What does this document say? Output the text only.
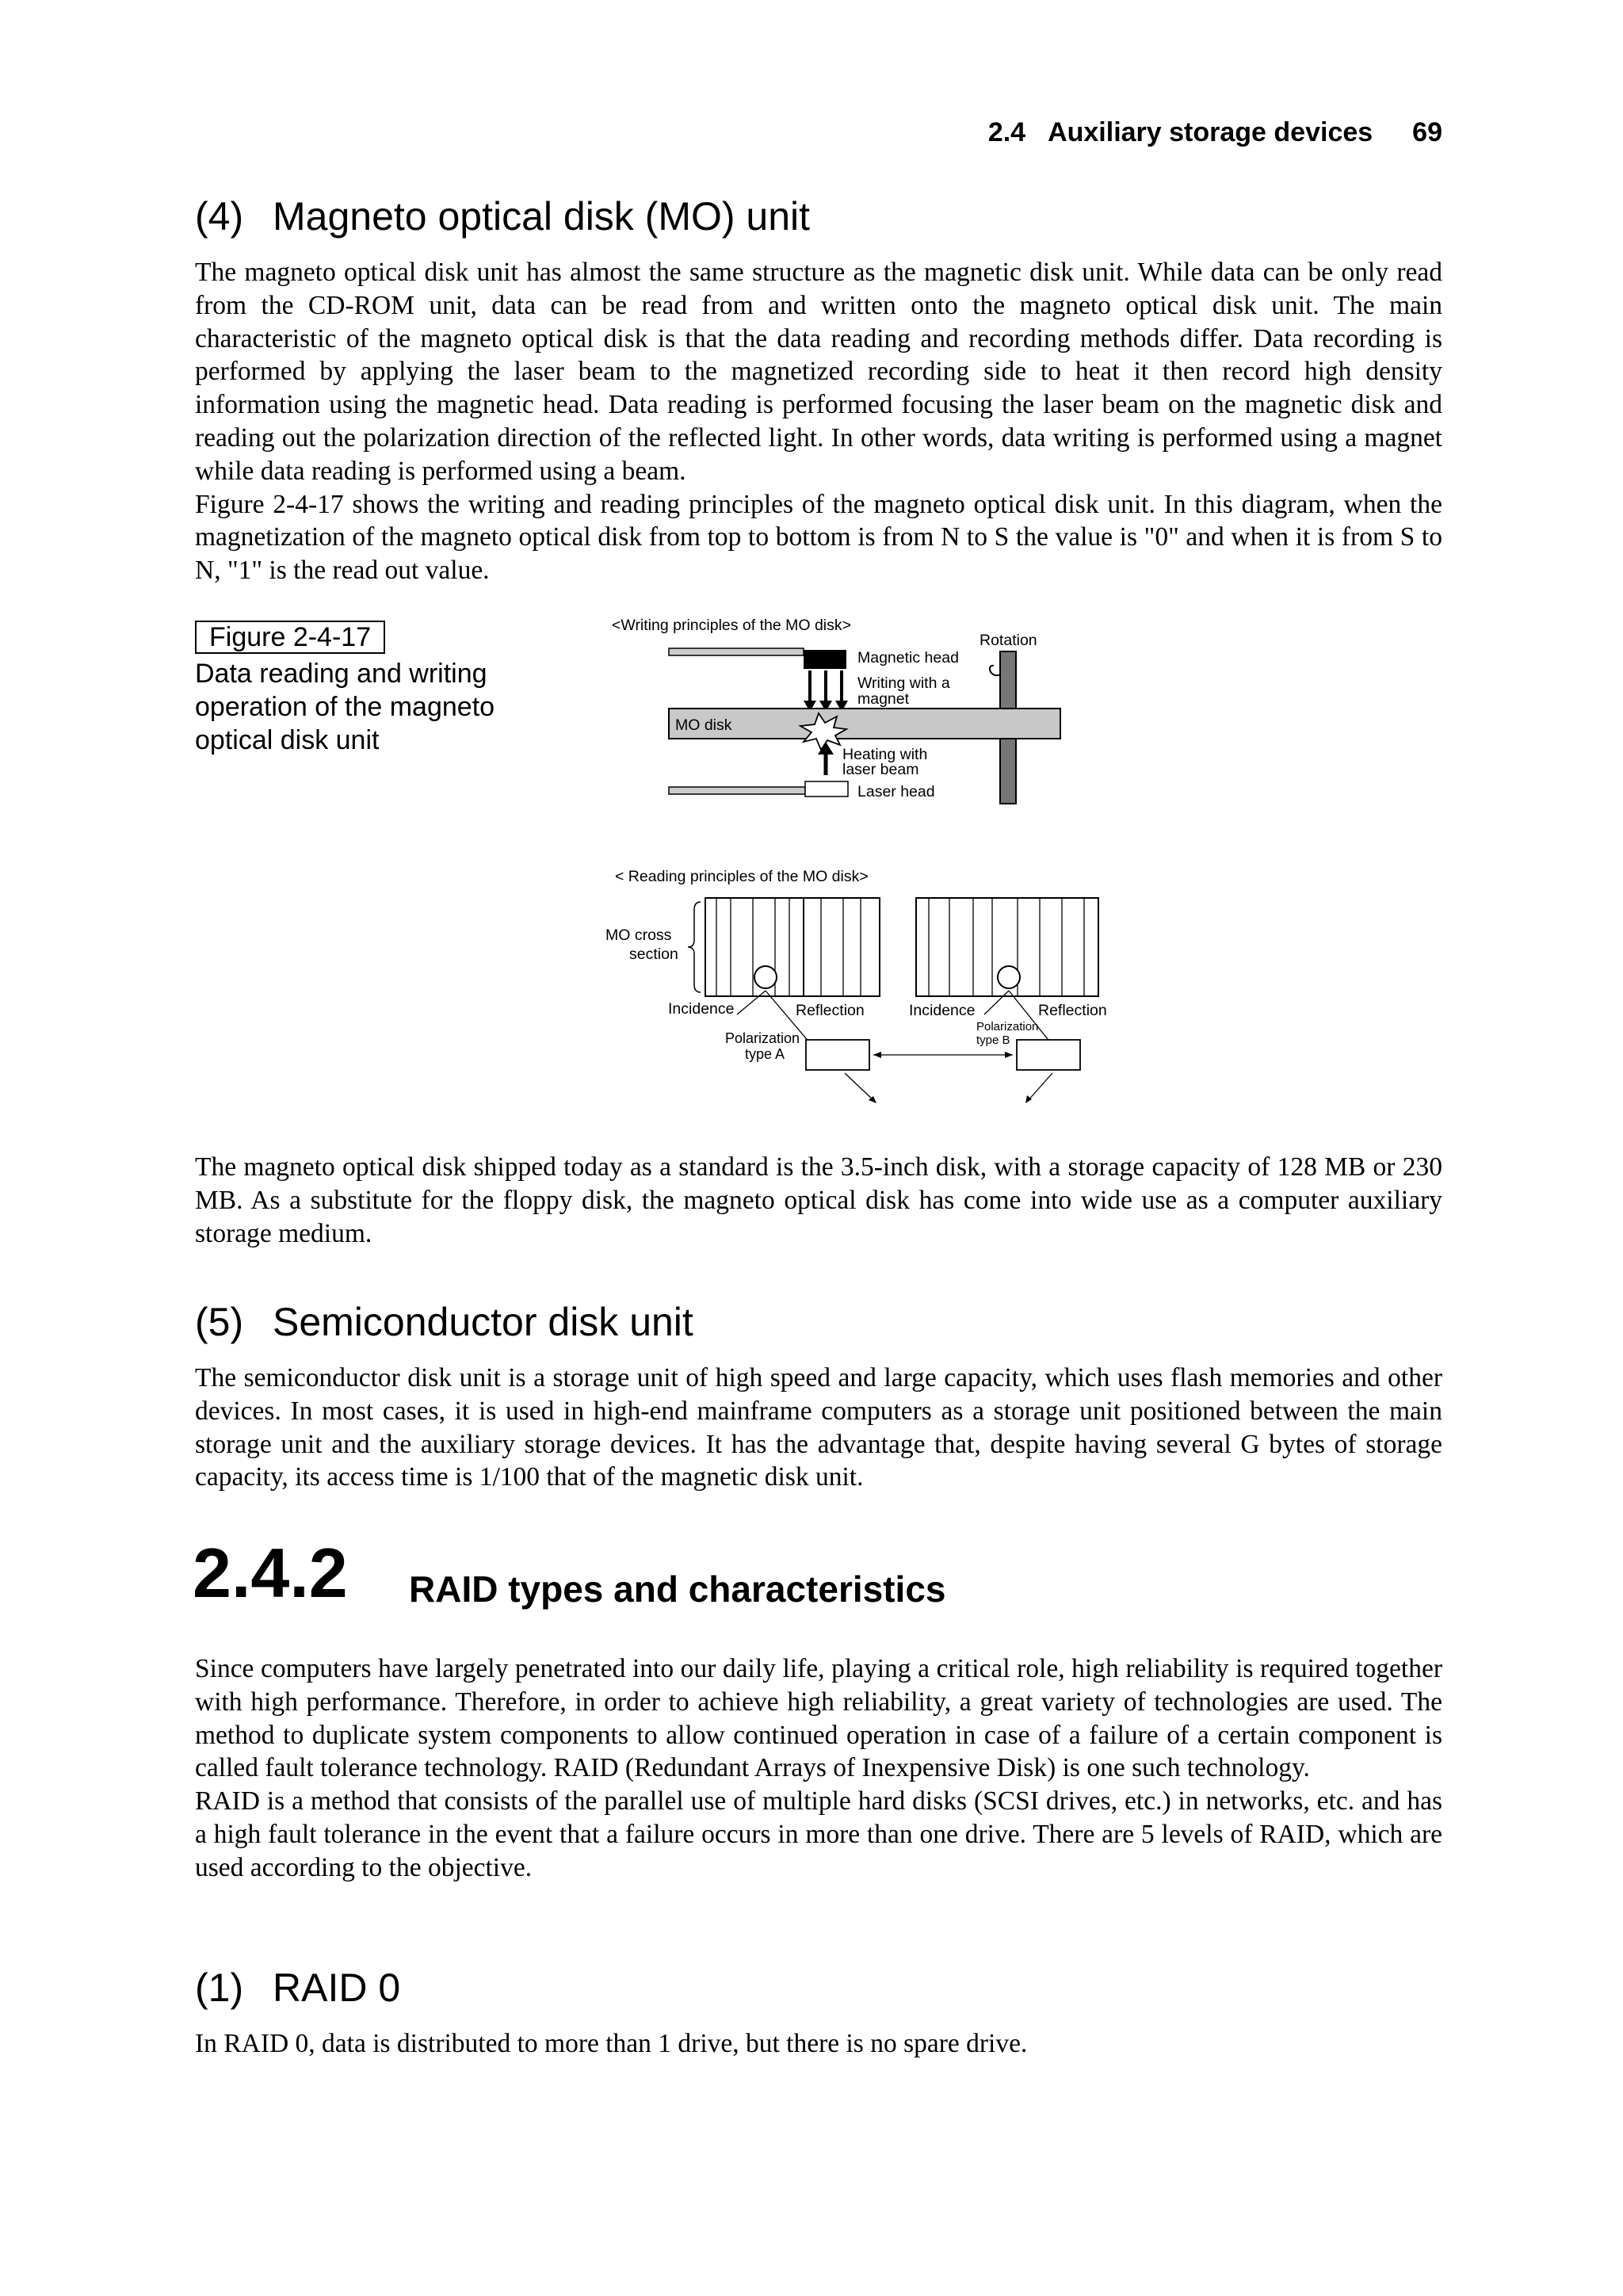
2.4 Auxiliary storage devices 69
(4) Magneto optical disk (MO) unit

The magneto optical disk unit has almost the same structure as the magnetic disk unit. While data can be only read from the CD-ROM unit, data can be read from and written onto the magneto optical disk unit. The main characteristic of the magneto optical disk is that the data reading and recording methods differ. Data recording is performed by applying the laser beam to the magnetized recording side to heat it then record high density information using the magnetic head. Data reading is performed focusing the laser beam on the magnetic disk and reading out the polarization direction of the reflected light. In other words, data writing is performed using a magnet while data reading is performed using a beam.

Figure 2-4-17 shows the writing and reading principles of the magneto optical disk unit. In this diagram, when the magnetization of the magneto optical disk from top to bottom is from N to S the value is "0" and when it is from S to N, "1" is the read out value.

Figure 2-4-17
Data reading and writing operation of the magneto optical disk unit
<Writing principles of the MO disk>
Rotation
Magnetic head
Writing with a
magnet
MO disk
Heating with
laser beam
Laser head
< Reading principles of the MO disk>
MO cross
section
Incidence	Reflection	Incidence	Reflection
Polarization
type A
Polarization
type B
The magneto optical disk shipped today as a standard is the 3.5-inch disk, with a storage capacity of 128 MB or 230 MB. As a substitute for the floppy disk, the magneto optical disk has come into wide use as a computer auxiliary storage medium.
(5) Semiconductor disk unit
The semiconductor disk unit is a storage unit of high speed and large capacity, which uses flash memories and other devices. In most cases, it is used in high-end mainframe computers as a storage unit positioned between the main storage unit and the auxiliary storage devices. It has the advantage that, despite having several G bytes of storage capacity, its access time is 1/100 that of the magnetic disk unit.
2.4.2 RAID types and characteristics

Since computers have largely penetrated into our daily life, playing a critical role, high reliability is required together with high performance. Therefore, in order to achieve high reliability, a great variety of technologies are used. The method to duplicate system components to allow continued operation in case of a failure of a certain component is called fault tolerance technology. RAID (Redundant Arrays of Inexpensive Disk) is one such technology.

RAID is a method that consists of the parallel use of multiple hard disks (SCSI drives, etc.) in networks, etc. and has a high fault tolerance in the event that a failure occurs in more than one drive. There are 5 levels of RAID, which are used according to the objective.

(1) RAID 0
In RAID 0, data is distributed to more than 1 drive, but there is no spare drive.
